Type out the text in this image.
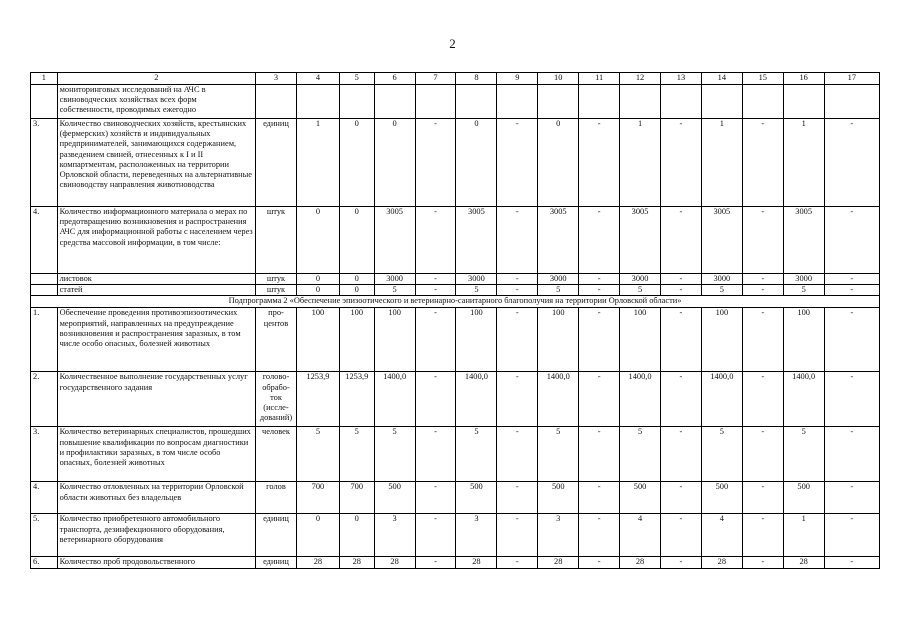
2
1	2	3	4	5	6	7	8	9	10	11	12	13	14	15	16	17
	мониторинговых исследований на АЧС в свиноводческих хозяйствах всех форм собственности, проводимых ежегодно															
3.	Количество свиноводческих хозяйств, крестьянских (фермерских) хозяйств и индивидуальных предпринимателей, занимающихся содержанием, разведением свиней, отнесенных к I и II компартментам, расположенных на территории Орловской области, переведенных на альтернативные свиноводству направления животноводства	единиц	1	0	0	-	0	-	0	-	1	-	1	-	1	-
4.	Количество информационного материала о мерах по предотвращению возникновения и распространения АЧС для информационной работы с населением через средства массовой информации, в том числе:	штук	0	0	3005	-	3005	-	3005	-	3005	-	3005	-	3005	-
	листовок	штук	0	0	3000	-	3000	-	3000	-	3000	-	3000	-	3000	-
	статей	штук	0	0	5	-	5	-	5	-	5	-	5	-	5	-
Подпрограмма 2 «Обеспечение эпизоотического и ветеринарно-санитарного благополучия на территории Орловской области»																
1.	Обеспечение проведения противоэпизоотических мероприятий, направленных на предупреждение возникновения и распространения заразных, в том числе особо опасных, болезней животных	про-центов	100	100	100	-	100	-	100	-	100	-	100	-	100	-
2.	Количественное выполнение государственных услуг государственного задания	голово-обрабо-ток (иссле-дований)	1253,9	1253,9	1400,0	-	1400,0	-	1400,0	-	1400,0	-	1400,0	-	1400,0	-
3.	Количество ветеринарных специалистов, прошедших повышение квалификации по вопросам диагностики и профилактики заразных, в том числе особо опасных, болезней животных	человек	5	5	5	-	5	-	5	-	5	-	5	-	5	-
4.	Количество отловленных на территории Орловской области животных без владельцев	голов	700	700	500	-	500	-	500	-	500	-	500	-	500	-
5.	Количество приобретенного автомобильного транспорта, дезинфекционного оборудования, ветеринарного оборудования	единиц	0	0	3	-	3	-	3	-	4	-	4	-	1	-
6.	Количество проб продовольственного	единиц	28	28	28	-	28	-	28	-	28	-	28	-	28	-
